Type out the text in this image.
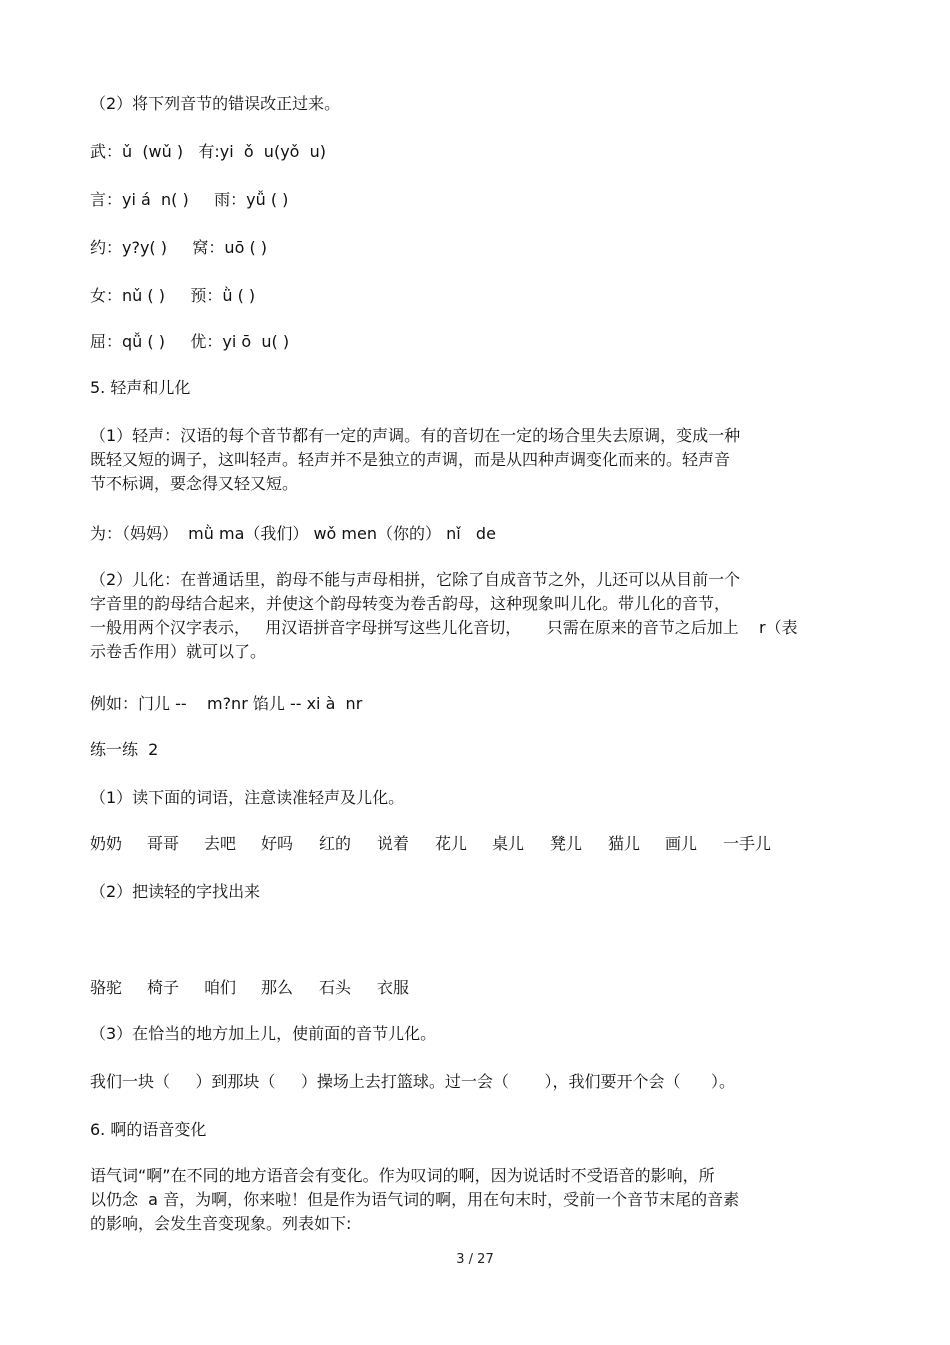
（2）将下列音节的错误改正过来。
武：ǔ  (wǔ )   有:yi  ǒ  u(yǒ  u)
言：yi á  n( )     雨：yǚ ( )
约：y?y( )     窝：uō ( )
女：nǔ ( )     预：ǜ ( )
屈：qǚ ( )     优：yi ō  u( )
5. 轻声和儿化
（1）轻声：汉语的每个音节都有一定的声调。有的音切在一定的场合里失去原调，变成一种
既轻又短的调子，这叫轻声。轻声并不是独立的声调，而是从四种声调变化而来的。轻声音
节不标调，要念得又轻又短。
为：（妈妈）  mǜ ma（我们） wǒ men（你的） nǐ   de
（2）儿化：在普通话里，韵母不能与声母相拼，它除了自成音节之外，儿还可以从目前一个
字音里的韵母结合起来，并使这个韵母转变为卷舌韵母，这种现象叫儿化。带儿化的音节，
一般用两个汉字表示，   用汉语拼音字母拼写这些儿化音切，     只需在原来的音节之后加上    r（表
示卷舌作用）就可以了。
例如：门儿 --    m?nr 馅儿 -- xi à  nr
练一练  2
（1）读下面的词语，注意读准轻声及儿化。
奶奶 哥哥 去吧 好吗 红的 说着 花儿 桌儿 凳儿 猫儿 画儿 一手儿
（2）把读轻的字找出来
骆驼 椅子 咱们 那么 石头 衣服
（3）在恰当的地方加上儿，使前面的音节儿化。
我们一块（     ）到那块（     ）操场上去打篮球。过一会（       ），我们要开个会（      ）。
6. 啊的语音变化
语气词“啊”在不同的地方语音会有变化。作为叹词的啊，因为说话时不受语音的影响，所
以仍念  a 音，为啊，你来啦！但是作为语气词的啊，用在句末时，受前一个音节末尾的音素
的影响，会发生音变现象。列表如下:
3 / 27
